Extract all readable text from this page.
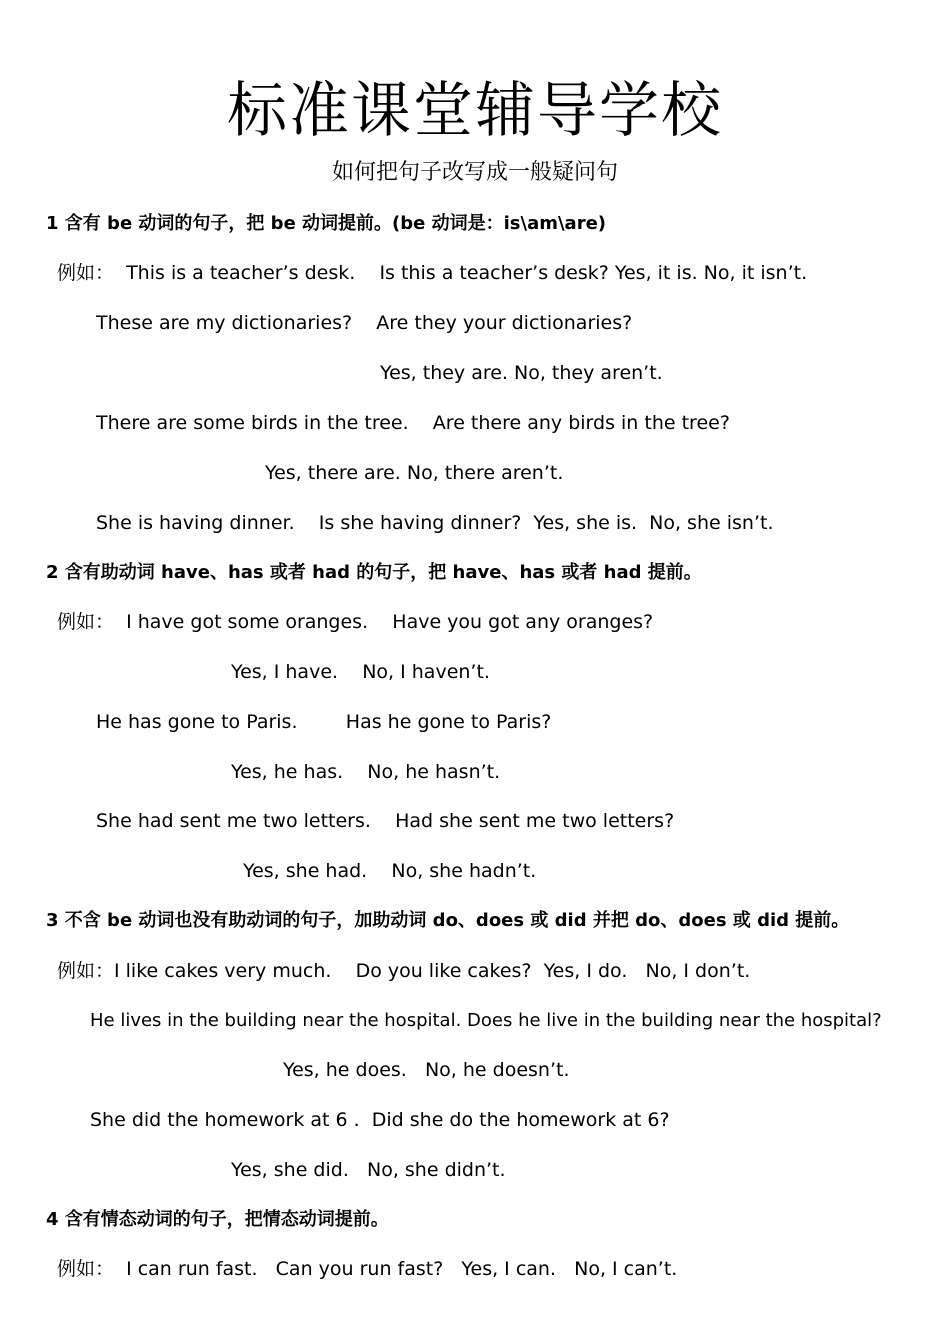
标准课堂辅导学校
如何把句子改写成一般疑问句
1 含有 be 动词的句子，把 be 动词提前。(be 动词是：is\am\are)
例如：  This is a teacher’s desk.    Is this a teacher’s desk? Yes, it is. No, it isn’t.
These are my dictionaries?    Are they your dictionaries?
Yes, they are. No, they aren’t.
There are some birds in the tree.    Are there any birds in the tree?
Yes, there are. No, there aren’t.
She is having dinner.    Is she having dinner?  Yes, she is.  No, she isn’t.
2 含有助动词 have、has 或者 had 的句子，把 have、has 或者 had 提前。
例如：  I have got some oranges.    Have you got any oranges?
Yes, I have.    No, I haven’t.
He has gone to Paris.        Has he gone to Paris?
Yes, he has.    No, he hasn’t.
She had sent me two letters.    Had she sent me two letters?
Yes, she had.    No, she hadn’t.
3 不含 be 动词也没有助动词的句子，加助动词 do、does 或 did 并把 do、does 或 did 提前。
例如：I like cakes very much.    Do you like cakes?  Yes, I do.   No, I don’t.
He lives in the building near the hospital. Does he live in the building near the hospital?
Yes, he does.   No, he doesn’t.
She did the homework at 6 .  Did she do the homework at 6?
Yes, she did.   No, she didn’t.
4 含有情态动词的句子，把情态动词提前。
例如：  I can run fast.   Can you run fast?   Yes, I can.   No, I can’t.
